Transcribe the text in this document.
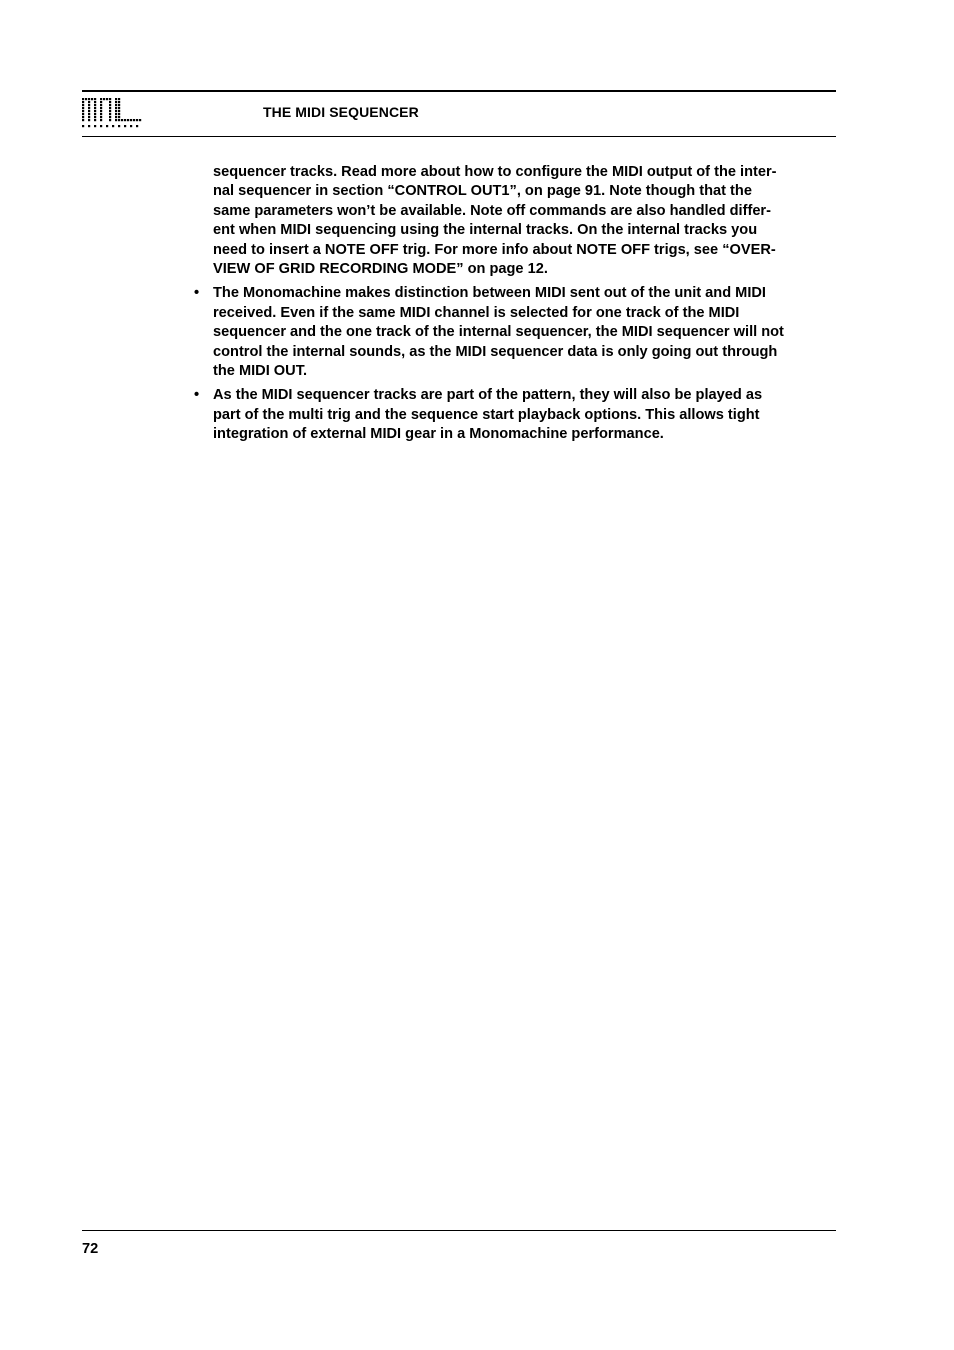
THE MIDI SEQUENCER

sequencer tracks. Read more about how to configure the MIDI output of the inter-
nal sequencer in section “CONTROL OUT1”, on page 91. Note though that the
same parameters won’t be available. Note off commands are also handled differ-
ent when MIDI sequencing using the internal tracks. On the internal tracks you
need to insert a NOTE OFF trig. For more info about NOTE OFF trigs, see “OVER-
VIEW OF GRID RECORDING MODE” on page 12.

• The Monomachine makes distinction between MIDI sent out of the unit and MIDI
received. Even if the same MIDI channel is selected for one track of the MIDI
sequencer and the one track of the internal sequencer, the MIDI sequencer will not
control the internal sounds, as the MIDI sequencer data is only going out through
the MIDI OUT.
• As the MIDI sequencer tracks are part of the pattern, they will also be played as
part of the multi trig and the sequence start playback options. This allows tight
integration of external MIDI gear in a Monomachine performance.
72
